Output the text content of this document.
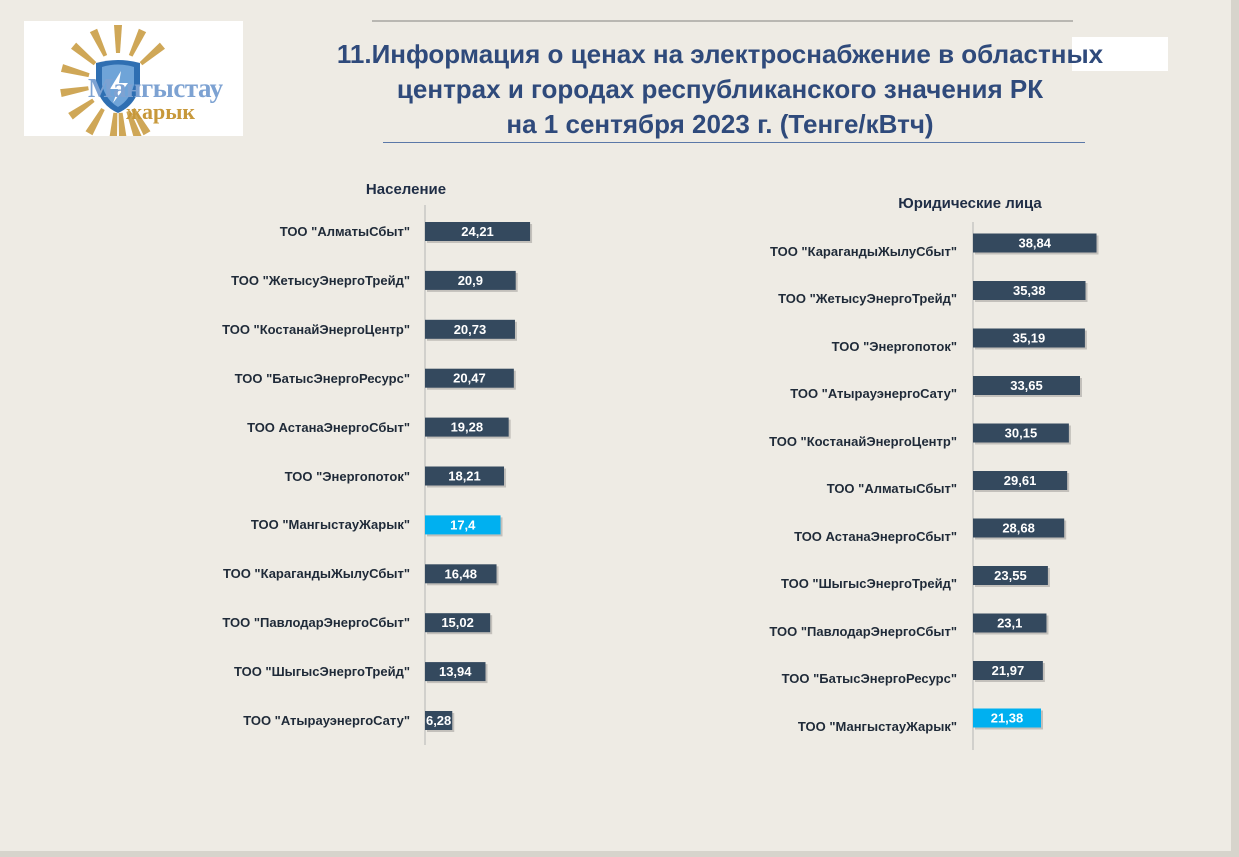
Мангыстау
жарык
11.Информация о ценах на электроснабжение в областных
центрах и городах республиканского значения РК
на 1 сентября 2023 г. (Тенге/кВтч)
Население
Юридические лица
24,21
20,9
20,73
20,47
19,28
18,21
17,4
16,48
15,02
13,94
6,28
38,84
35,38
35,19
33,65
30,15
29,61
28,68
23,55
23,1
21,97
21,38
ТОО "АлматыСбыт"
ТОО "ЖетысуЭнергоТрейд"
ТОО "КостанайЭнергоЦентр"
ТОО "БатысЭнергоРесурс"
ТОО АстанаЭнергоСбыт"
ТОО "Энергопоток"
ТОО "МангыстауЖарык"
ТОО "КарагандыЖылуСбыт"
ТОО "ПавлодарЭнергоСбыт"
ТОО "ШыгысЭнергоТрейд"
ТОО "АтырауэнергоСату"
ТОО "КарагандыЖылуСбыт"
ТОО "ЖетысуЭнергоТрейд"
ТОО "Энергопоток"
ТОО "АтырауэнергоСату"
ТОО "КостанайЭнергоЦентр"
ТОО "АлматыСбыт"
ТОО АстанаЭнергоСбыт"
ТОО "ШыгысЭнергоТрейд"
ТОО "ПавлодарЭнергоСбыт"
ТОО "БатысЭнергоРесурс"
ТОО "МангыстауЖарык"
